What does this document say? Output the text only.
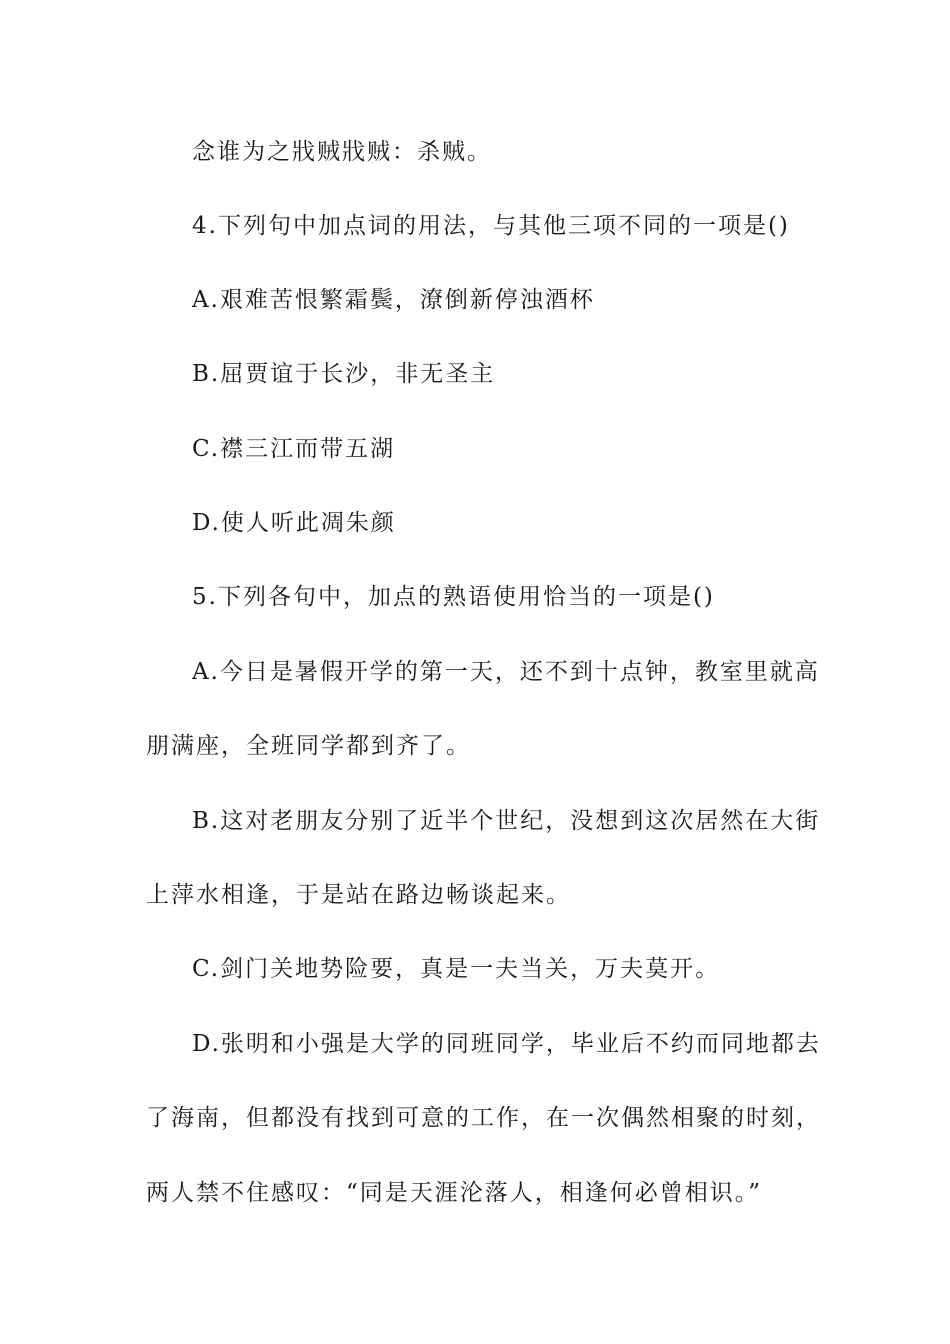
念谁为之戕贼戕贼：杀贼。
4.下列句中加点词的用法，与其他三项不同的一项是()
A.艰难苦恨繁霜鬓，潦倒新停浊酒杯
B.屈贾谊于长沙，非无圣主
C.襟三江而带五湖
D.使人听此凋朱颜
5.下列各句中，加点的熟语使用恰当的一项是()
A.今日是暑假开学的第一天，还不到十点钟，教室里就高
朋满座，全班同学都到齐了。
B.这对老朋友分别了近半个世纪，没想到这次居然在大街
上萍水相逢，于是站在路边畅谈起来。
C.剑门关地势险要，真是一夫当关，万夫莫开。
D.张明和小强是大学的同班同学，毕业后不约而同地都去
了海南，但都没有找到可意的工作，在一次偶然相聚的时刻，
两人禁不住感叹：“同是天涯沦落人，相逢何必曾相识。”
